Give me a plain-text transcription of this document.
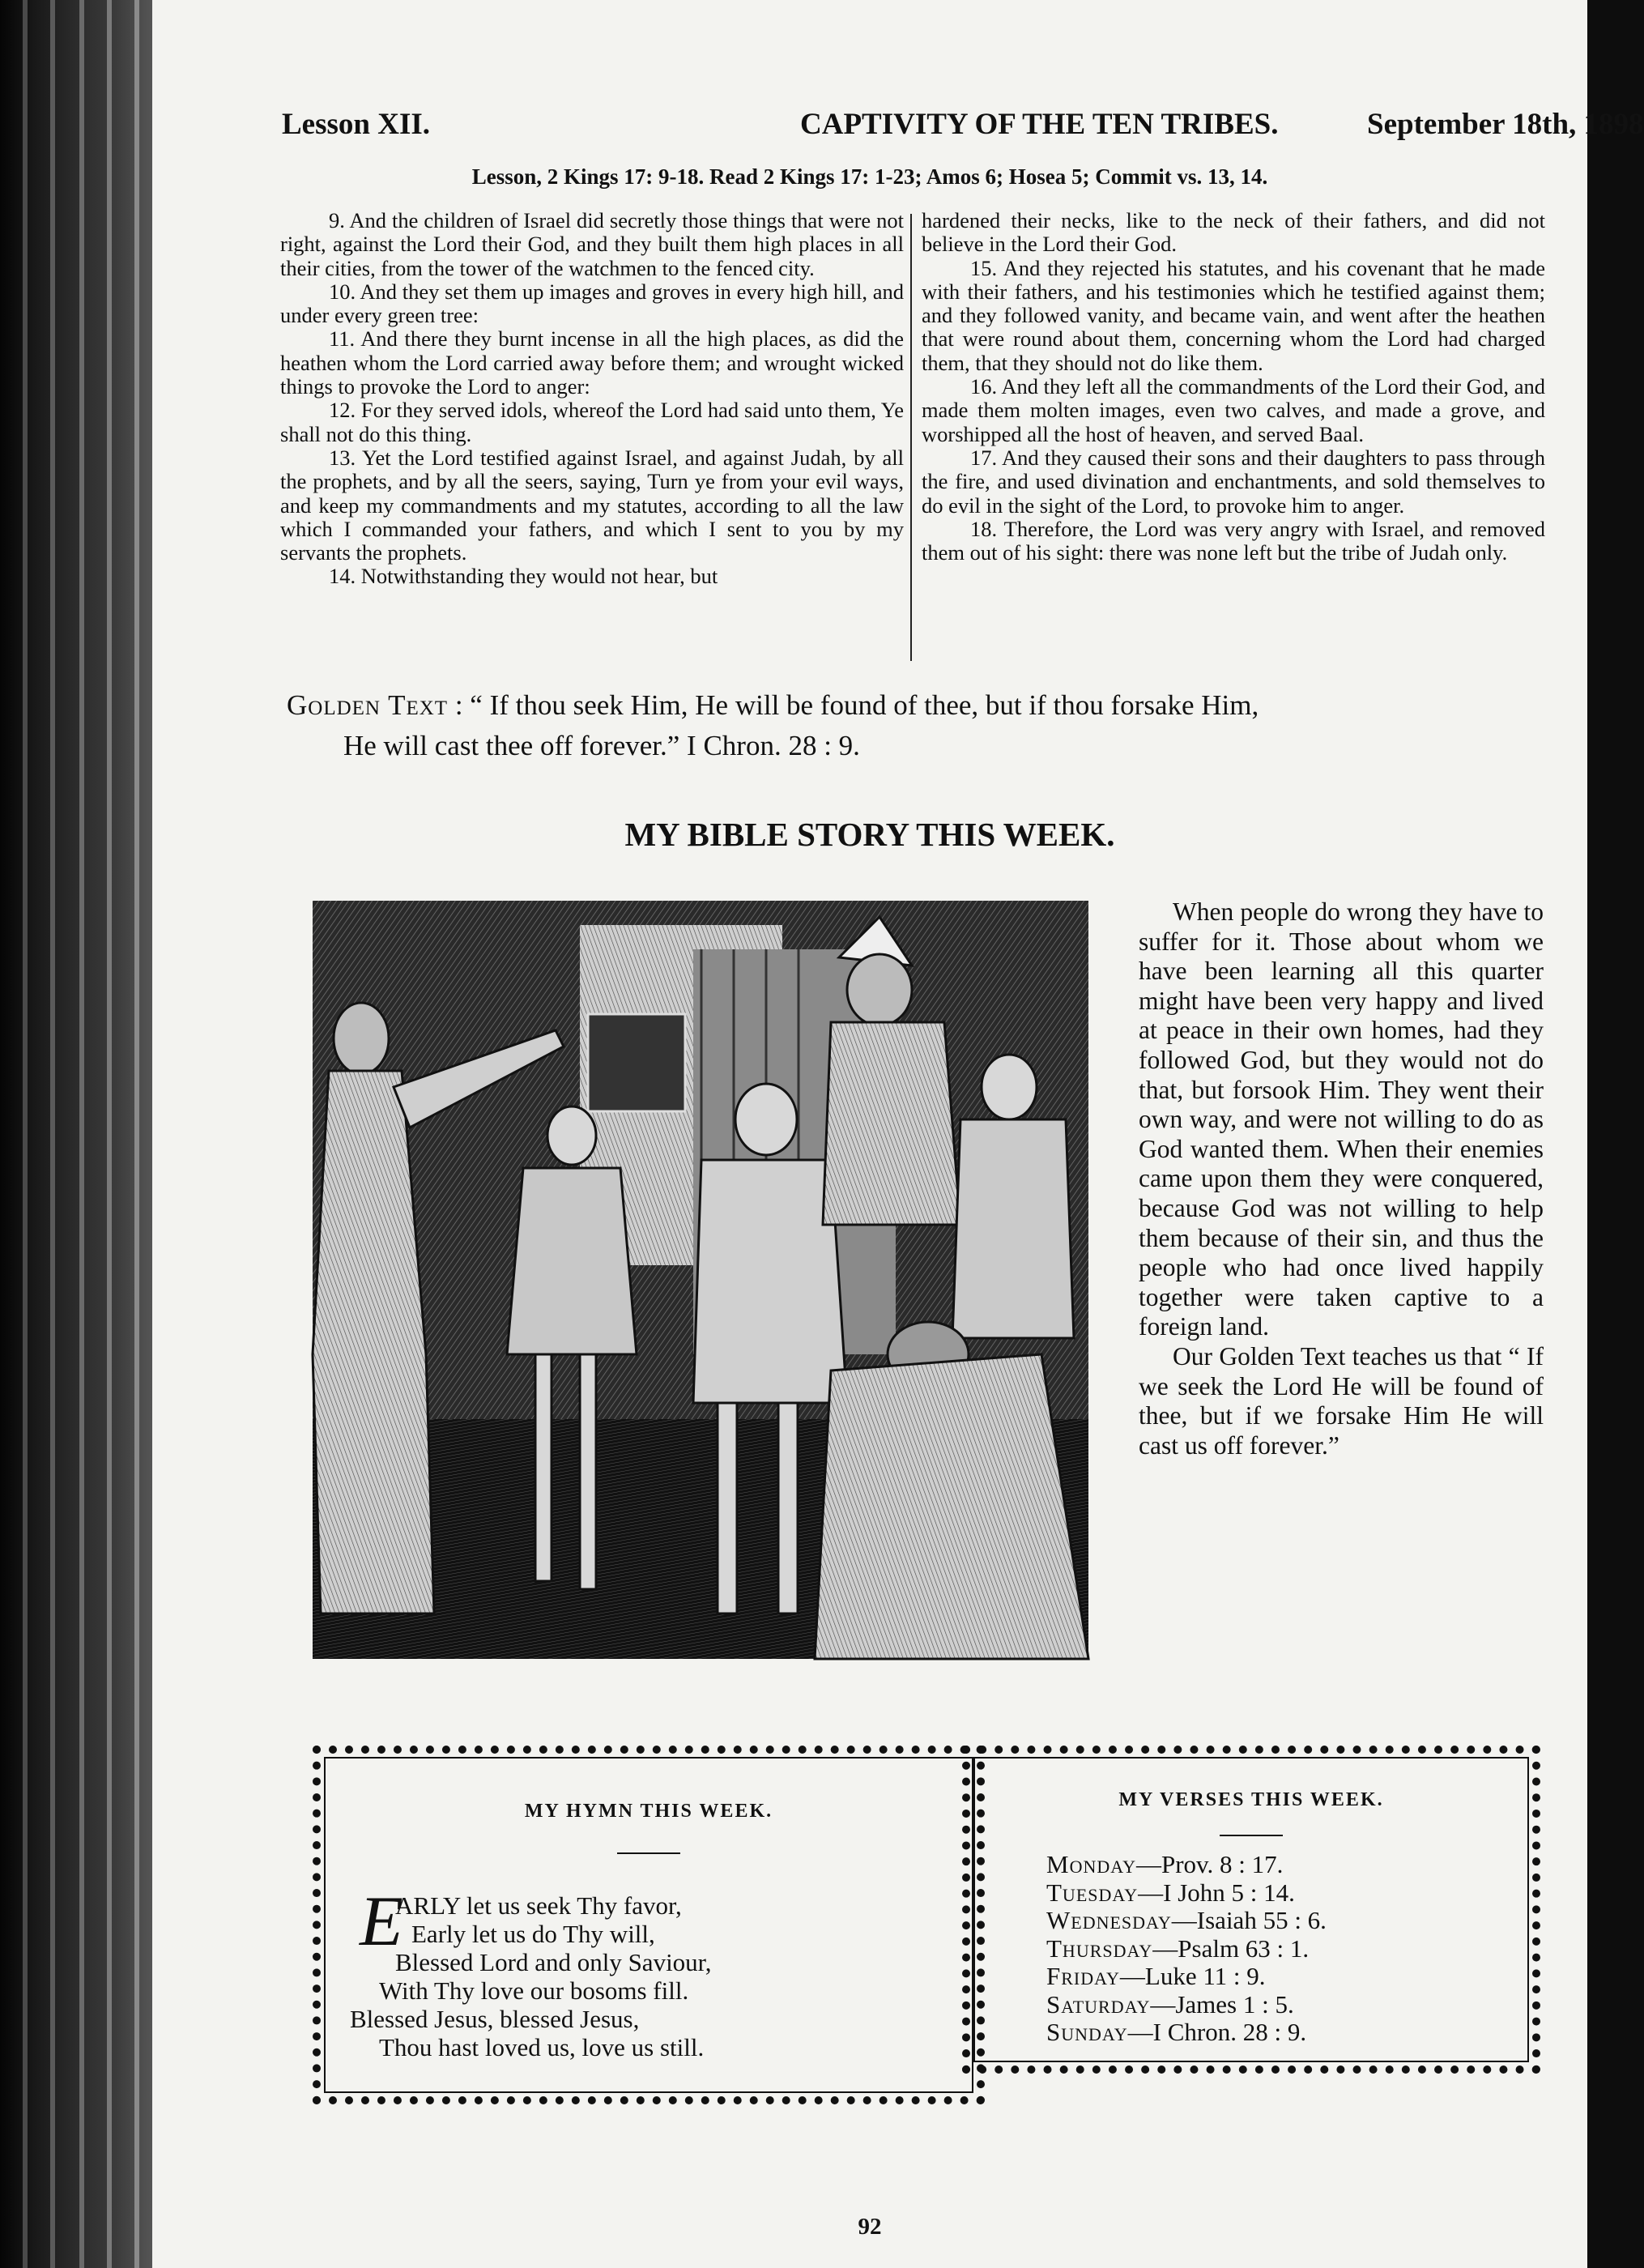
Lesson XII.	CAPTIVITY OF THE TEN TRIBES.	September 18th, 1898
Lesson, 2 Kings 17: 9-18. Read 2 Kings 17: 1-23; Amos 6; Hosea 5; Commit vs. 13, 14.

9. And the children of Israel did secretly those things that were not right, against the Lord their God, and they built them high places in all their cities, from the tower of the watchmen to the fenced city.

10. And they set them up images and groves in every high hill, and under every green tree:

11. And there they burnt incense in all the high places, as did the heathen whom the Lord carried away before them; and wrought wicked things to provoke the Lord to anger:

12. For they served idols, whereof the Lord had said unto them, Ye shall not do this thing.

13. Yet the Lord testified against Israel, and against Judah, by all the prophets, and by all the seers, saying, Turn ye from your evil ways, and keep my commandments and my statutes, according to all the law which I commanded your fathers, and which I sent to you by my servants the prophets.

14. Notwithstanding they would not hear, but

hardened their necks, like to the neck of their fathers, and did not believe in the Lord their God.

15. And they rejected his statutes, and his covenant that he made with their fathers, and his testimonies which he testified against them; and they followed vanity, and became vain, and went after the heathen that were round about them, concerning whom the Lord had charged them, that they should not do like them.

16. And they left all the commandments of the Lord their God, and made them molten images, even two calves, and made a grove, and worshipped all the host of heaven, and served Baal.

17. And they caused their sons and their daughters to pass through the fire, and used divination and enchantments, and sold themselves to do evil in the sight of the Lord, to provoke him to anger.

18. Therefore, the Lord was very angry with Israel, and removed them out of his sight: there was none left but the tribe of Judah only.

Golden Text : “ If thou seek Him, He will be found of thee, but if thou forsake Him,
He will cast thee off forever.” I Chron. 28 : 9.
MY BIBLE STORY THIS WEEK.

When people do wrong they have to suffer for it. Those about whom we have been learning all this quarter might have been very happy and lived at peace in their own homes, had they followed God, but they would not do that, but forsook Him. They went their own way, and were not willing to do as God wanted them. When their enemies came upon them they were conquered, because God was not willing to help them because of their sin, and thus the people who had once lived happily together were taken captive to a foreign land.

Our Golden Text teaches us that “ If we seek the Lord He will be found of thee, but if we forsake Him He will cast us off forever.”

MY HYMN THIS WEEK.
E
ARLY let us seek Thy favor,
Early let us do Thy will,
Blessed Lord and only Saviour,
With Thy love our bosoms fill.
Blessed Jesus, blessed Jesus,
Thou hast loved us, love us still.
MY VERSES THIS WEEK.
Monday—Prov. 8 : 17.
Tuesday—I John 5 : 14.
Wednesday—Isaiah 55 : 6.
Thursday—Psalm 63 : 1.
Friday—Luke 11 : 9.
Saturday—James 1 : 5.
Sunday—I Chron. 28 : 9.
92
